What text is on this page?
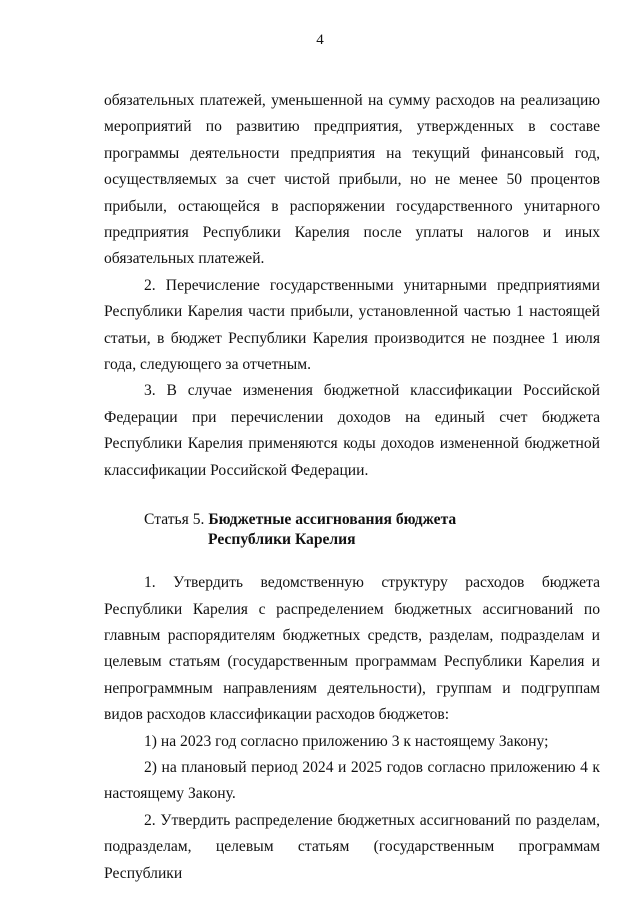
4

обязательных платежей, уменьшенной на сумму расходов на реализацию мероприятий по развитию предприятия, утвержденных в составе программы деятельности предприятия на текущий финансовый год, осуществляемых за счет чистой прибыли, но не менее 50 процентов прибыли, остающейся в распоряжении государственного унитарного предприятия Республики Карелия после уплаты налогов и иных обязательных платежей.

2. Перечисление государственными унитарными предприятиями Республики Карелия части прибыли, установленной частью 1 настоящей статьи, в бюджет Республики Карелия производится не позднее 1 июля года, следующего за отчетным.

3. В случае изменения бюджетной классификации Российской Федерации при перечислении доходов на единый счет бюджета Республики Карелия применяются коды доходов измененной бюджетной классификации Российской Федерации.

Статья 5. Бюджетные ассигнования бюджета
Республики Карелия

1. Утвердить ведомственную структуру расходов бюджета Республики Карелия с распределением бюджетных ассигнований по главным распорядителям бюджетных средств, разделам, подразделам и целевым статьям (государственным программам Республики Карелия и непрограммным направлениям деятельности), группам и подгруппам видов расходов классификации расходов бюджетов:

1) на 2023 год согласно приложению 3 к настоящему Закону;

2) на плановый период 2024 и 2025 годов согласно приложению 4 к настоящему Закону.

2. Утвердить распределение бюджетных ассигнований по разделам, подразделам, целевым статьям (государственным программам Республики
